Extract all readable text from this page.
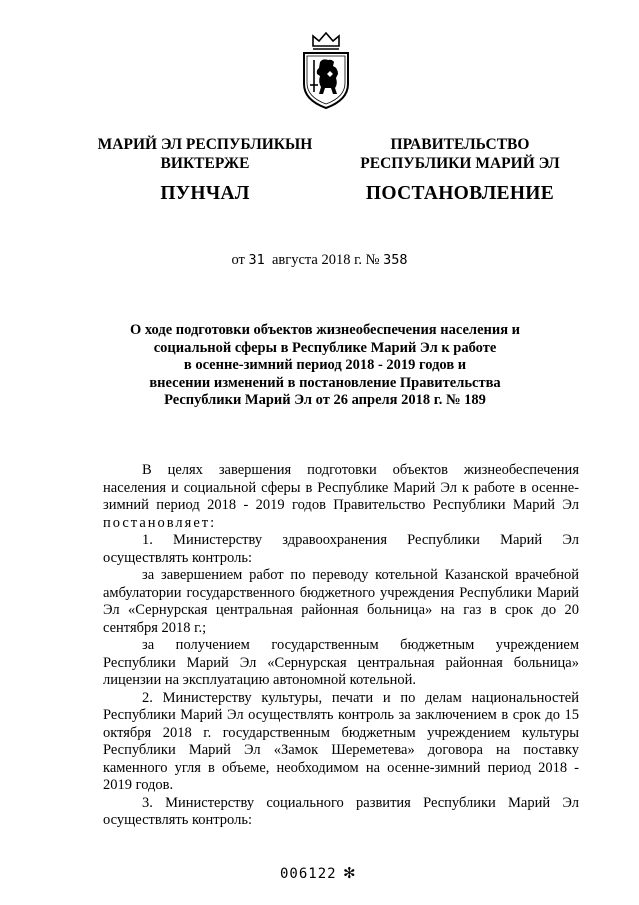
МАРИЙ ЭЛ РЕСПУБЛИКЫН
ВИКТЕРЖЕ
ПУНЧАЛ
ПРАВИТЕЛЬСТВО
РЕСПУБЛИКИ МАРИЙ ЭЛ
ПОСТАНОВЛЕНИЕ
от 31 августа 2018 г. № 358
О ходе подготовки объектов жизнеобеспечения населения и
социальной сферы в Республике Марий Эл к работе
в осенне-зимний период 2018 - 2019 годов и
внесении изменений в постановление Правительства
Республики Марий Эл от 26 апреля 2018 г. № 189

В целях завершения подготовки объектов жизнеобеспечения населения и социальной сферы в Республике Марий Эл к работе в осенне-зимний период 2018 - 2019 годов Правительство Республики Марий Эл постановляет:

1. Министерству здравоохранения Республики Марий Эл осуществлять контроль:

за завершением работ по переводу котельной Казанской врачебной амбулатории государственного бюджетного учреждения Республики Марий Эл «Сернурская центральная районная больница» на газ в срок до 20 сентября 2018 г.;

за получением государственным бюджетным учреждением Республики Марий Эл «Сернурская центральная районная больница» лицензии на эксплуатацию автономной котельной.

2. Министерству культуры, печати и по делам национальностей Республики Марий Эл осуществлять контроль за заключением в срок до 15 октября 2018 г. государственным бюджетным учреждением культуры Республики Марий Эл «Замок Шереметева» договора на поставку каменного угля в объеме, необходимом на осенне-зимний период 2018 - 2019 годов.

3. Министерству социального развития Республики Марий Эл осуществлять контроль:

006122 ✻
